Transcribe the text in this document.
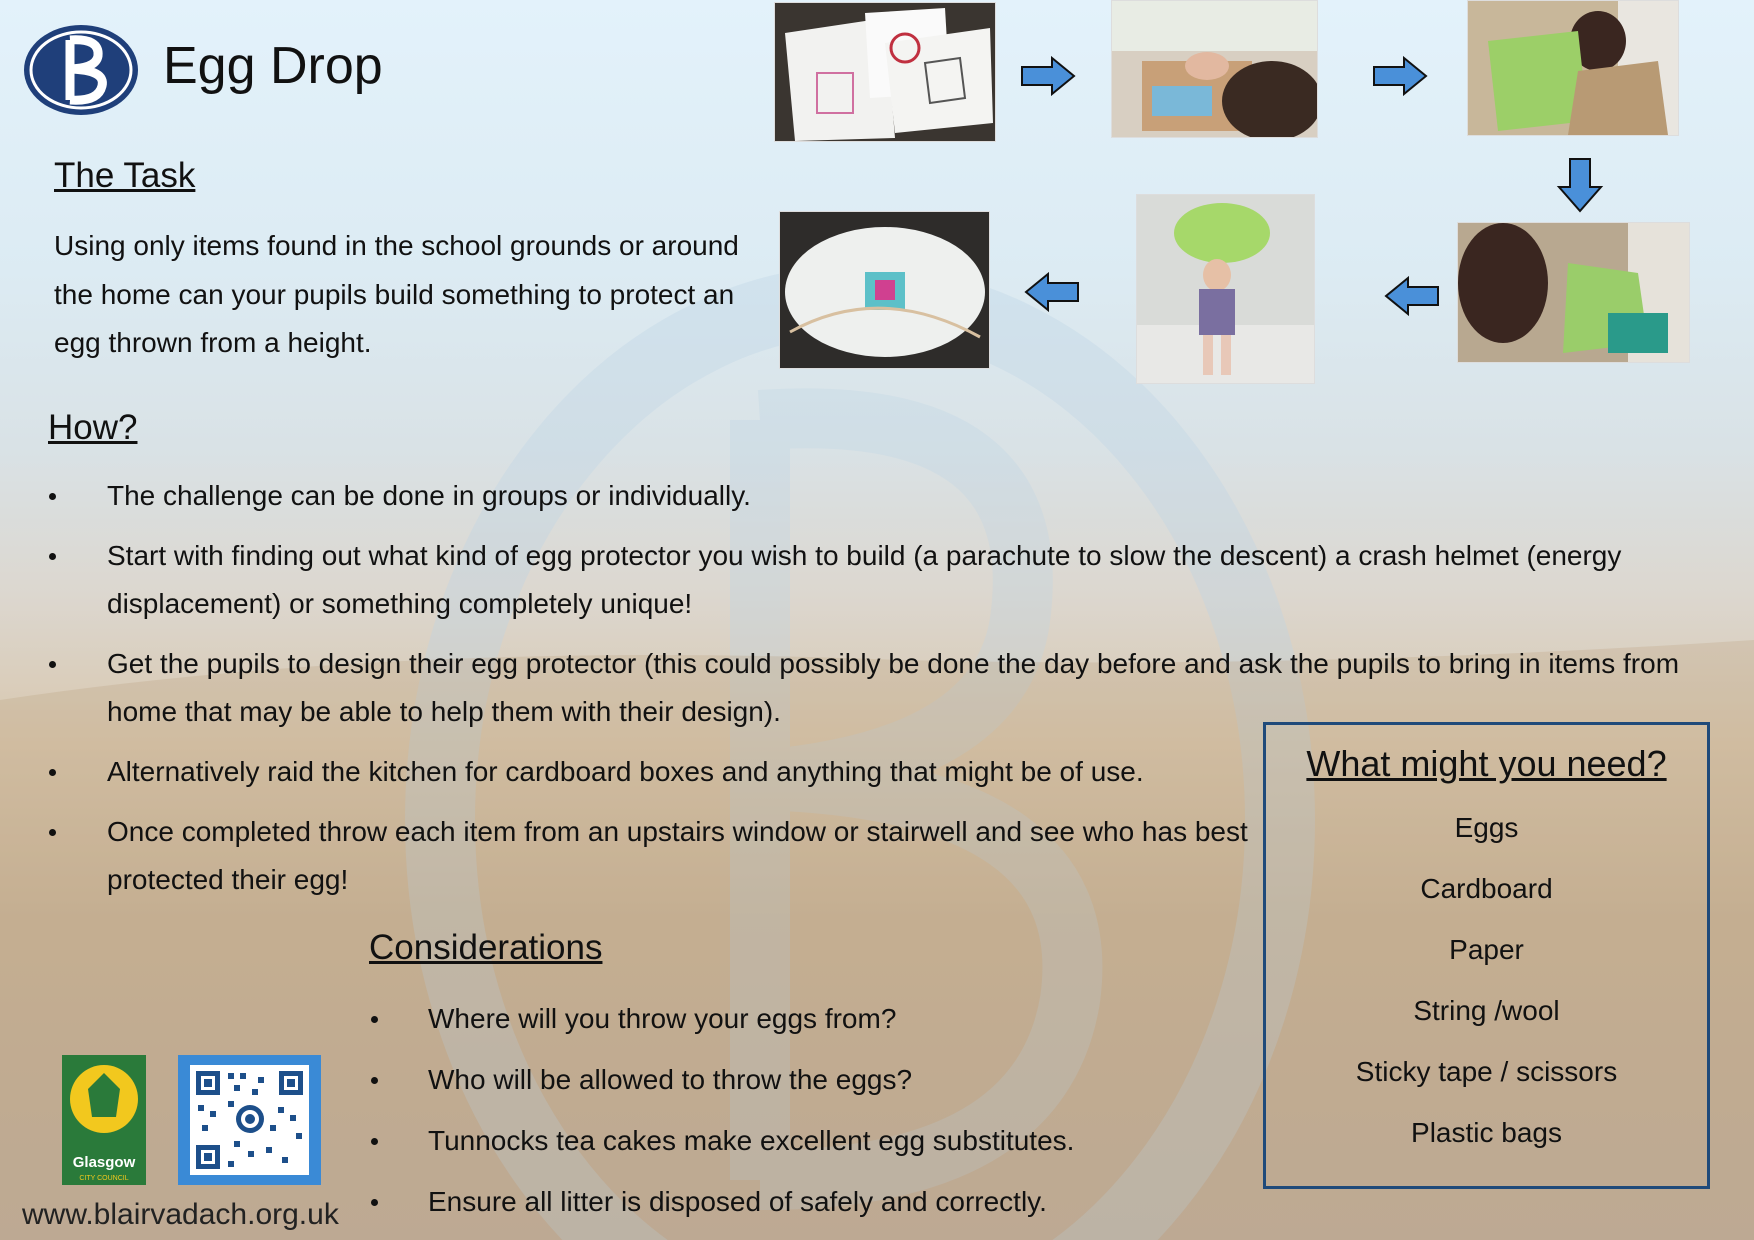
Egg Drop
The Task

Using only items found in the school grounds or around the home can your pupils build something to protect an egg thrown from a height.

How?
The challenge can be done in groups or individually.
Start with finding out what kind of egg protector you wish to build (a parachute to slow the descent) a crash helmet (energy displacement) or something completely unique!
Get the pupils to design their egg protector (this could possibly be done the day before and ask the pupils to bring in items from home that may be able to help them with their design).
Alternatively raid the kitchen for cardboard boxes and anything that might be of use.
Once completed throw each item from an upstairs window or stairwell and see who has best protected their egg!
Considerations
Where will you throw your eggs from?
Who will be allowed to throw the eggs?
Tunnocks tea cakes make excellent egg substitutes.
Ensure all litter is disposed of safely and correctly.
What might you need?
Eggs
Cardboard
Paper
String /wool
Sticky tape / scissors
Plastic bags
Glasgow
CITY COUNCIL

www.blairvadach.org.uk
